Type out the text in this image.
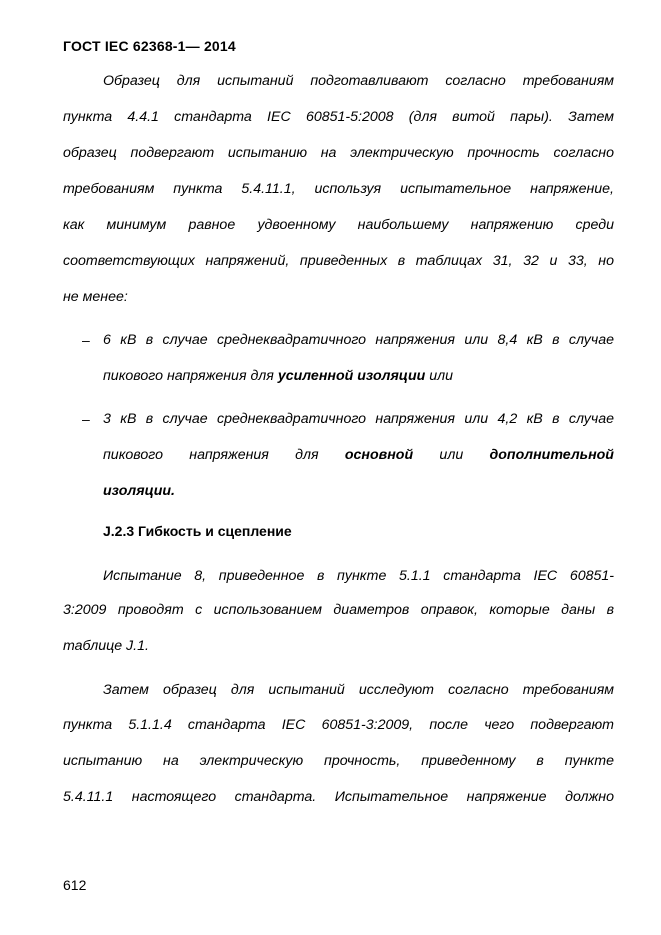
ГОСТ IEC 62368-1— 2014
Образец для испытаний подготавливают согласно требованиям
пункта 4.4.1 стандарта IEC 60851-5:2008 (для витой пары). Затем
образец подвергают испытанию на электрическую прочность согласно
требованиям пункта 5.4.11.1, используя испытательное напряжение,
как минимум равное удвоенному наибольшему напряжению среди
соответствующих напряжений, приведенных в таблицах 31, 32 и 33, но
не менее:
– 6 кВ в случае среднеквадратичного напряжения или 8,4 кВ в случае
пикового напряжения для усиленной изоляции или
– 3 кВ в случае среднеквадратичного напряжения или 4,2 кВ в случае
пикового напряжения для основной или дополнительной
изоляции.
J.2.3 Гибкость и сцепление
Испытание 8, приведенное в пункте 5.1.1 стандарта IEC 60851-
3:2009 проводят с использованием диаметров оправок, которые даны в
таблице J.1.
Затем образец для испытаний исследуют согласно требованиям
пункта 5.1.1.4 стандарта IEC 60851-3:2009, после чего подвергают
испытанию на электрическую прочность, приведенному в пункте
5.4.11.1 настоящего стандарта. Испытательное напряжение должно
612
